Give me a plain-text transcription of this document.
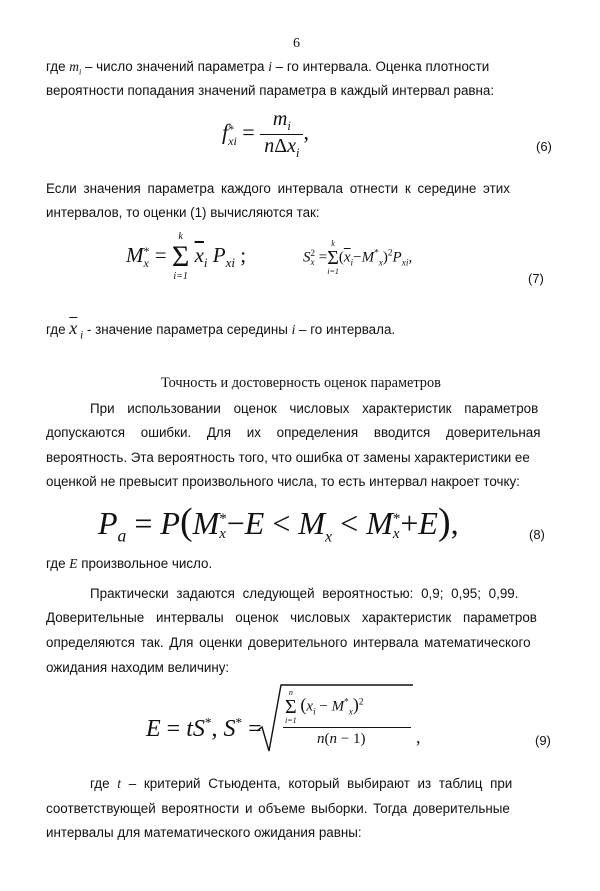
6
где $m_i$ – число значений параметра i – го интервала. Оценка плотности
вероятности попадания значений параметра в каждый интервал равна:
f *
xi = $\frac{m_i}{n\Delta x_i}$ ,
(6)
Если значения параметра каждого интервала отнести к середине этих
интервалов, то оценки (1) вычисляются так:
M *
x =
k
Σ
i=1
$\overline{x}_i$ $P_{xi}$ ;	S 2
x =
k
Σ
i=1
$(\overline{x}_i-M^*_x)^2P_{xi}$,
(7)
где $\overline{x}$ $_i$ - значение параметра середины i – го интервала.
Точность и достоверность оценок параметров
При использовании оценок числовых характеристик параметров
допускаются ошибки. Для их определения вводится доверительная
вероятность. Эта вероятность того, что ошибка от замены характеристики ее
оценкой не превысит произвольного числа, то есть интервал накроет точку:
$P_a = P(M$ *
$x -E < M_x < M$ *
x +E),	(8)
где E произвольное число.
Практически задаются следующей вероятностью: 0,9; 0,95; 0,99.
Доверительные интервалы оценок числовых характеристик параметров
определяются так. Для оценки доверительного интервала математического
ожидания находим величину:
E = tS*, S* =
n
Σ
i=1
$(x_i - M^*_x)^2$
n(n − 1)	,	(9)
где t – критерий Стьюдента, который выбирают из таблиц при
соответствующей вероятности и объеме выборки. Тогда доверительные
интервалы для математического ожидания равны:
